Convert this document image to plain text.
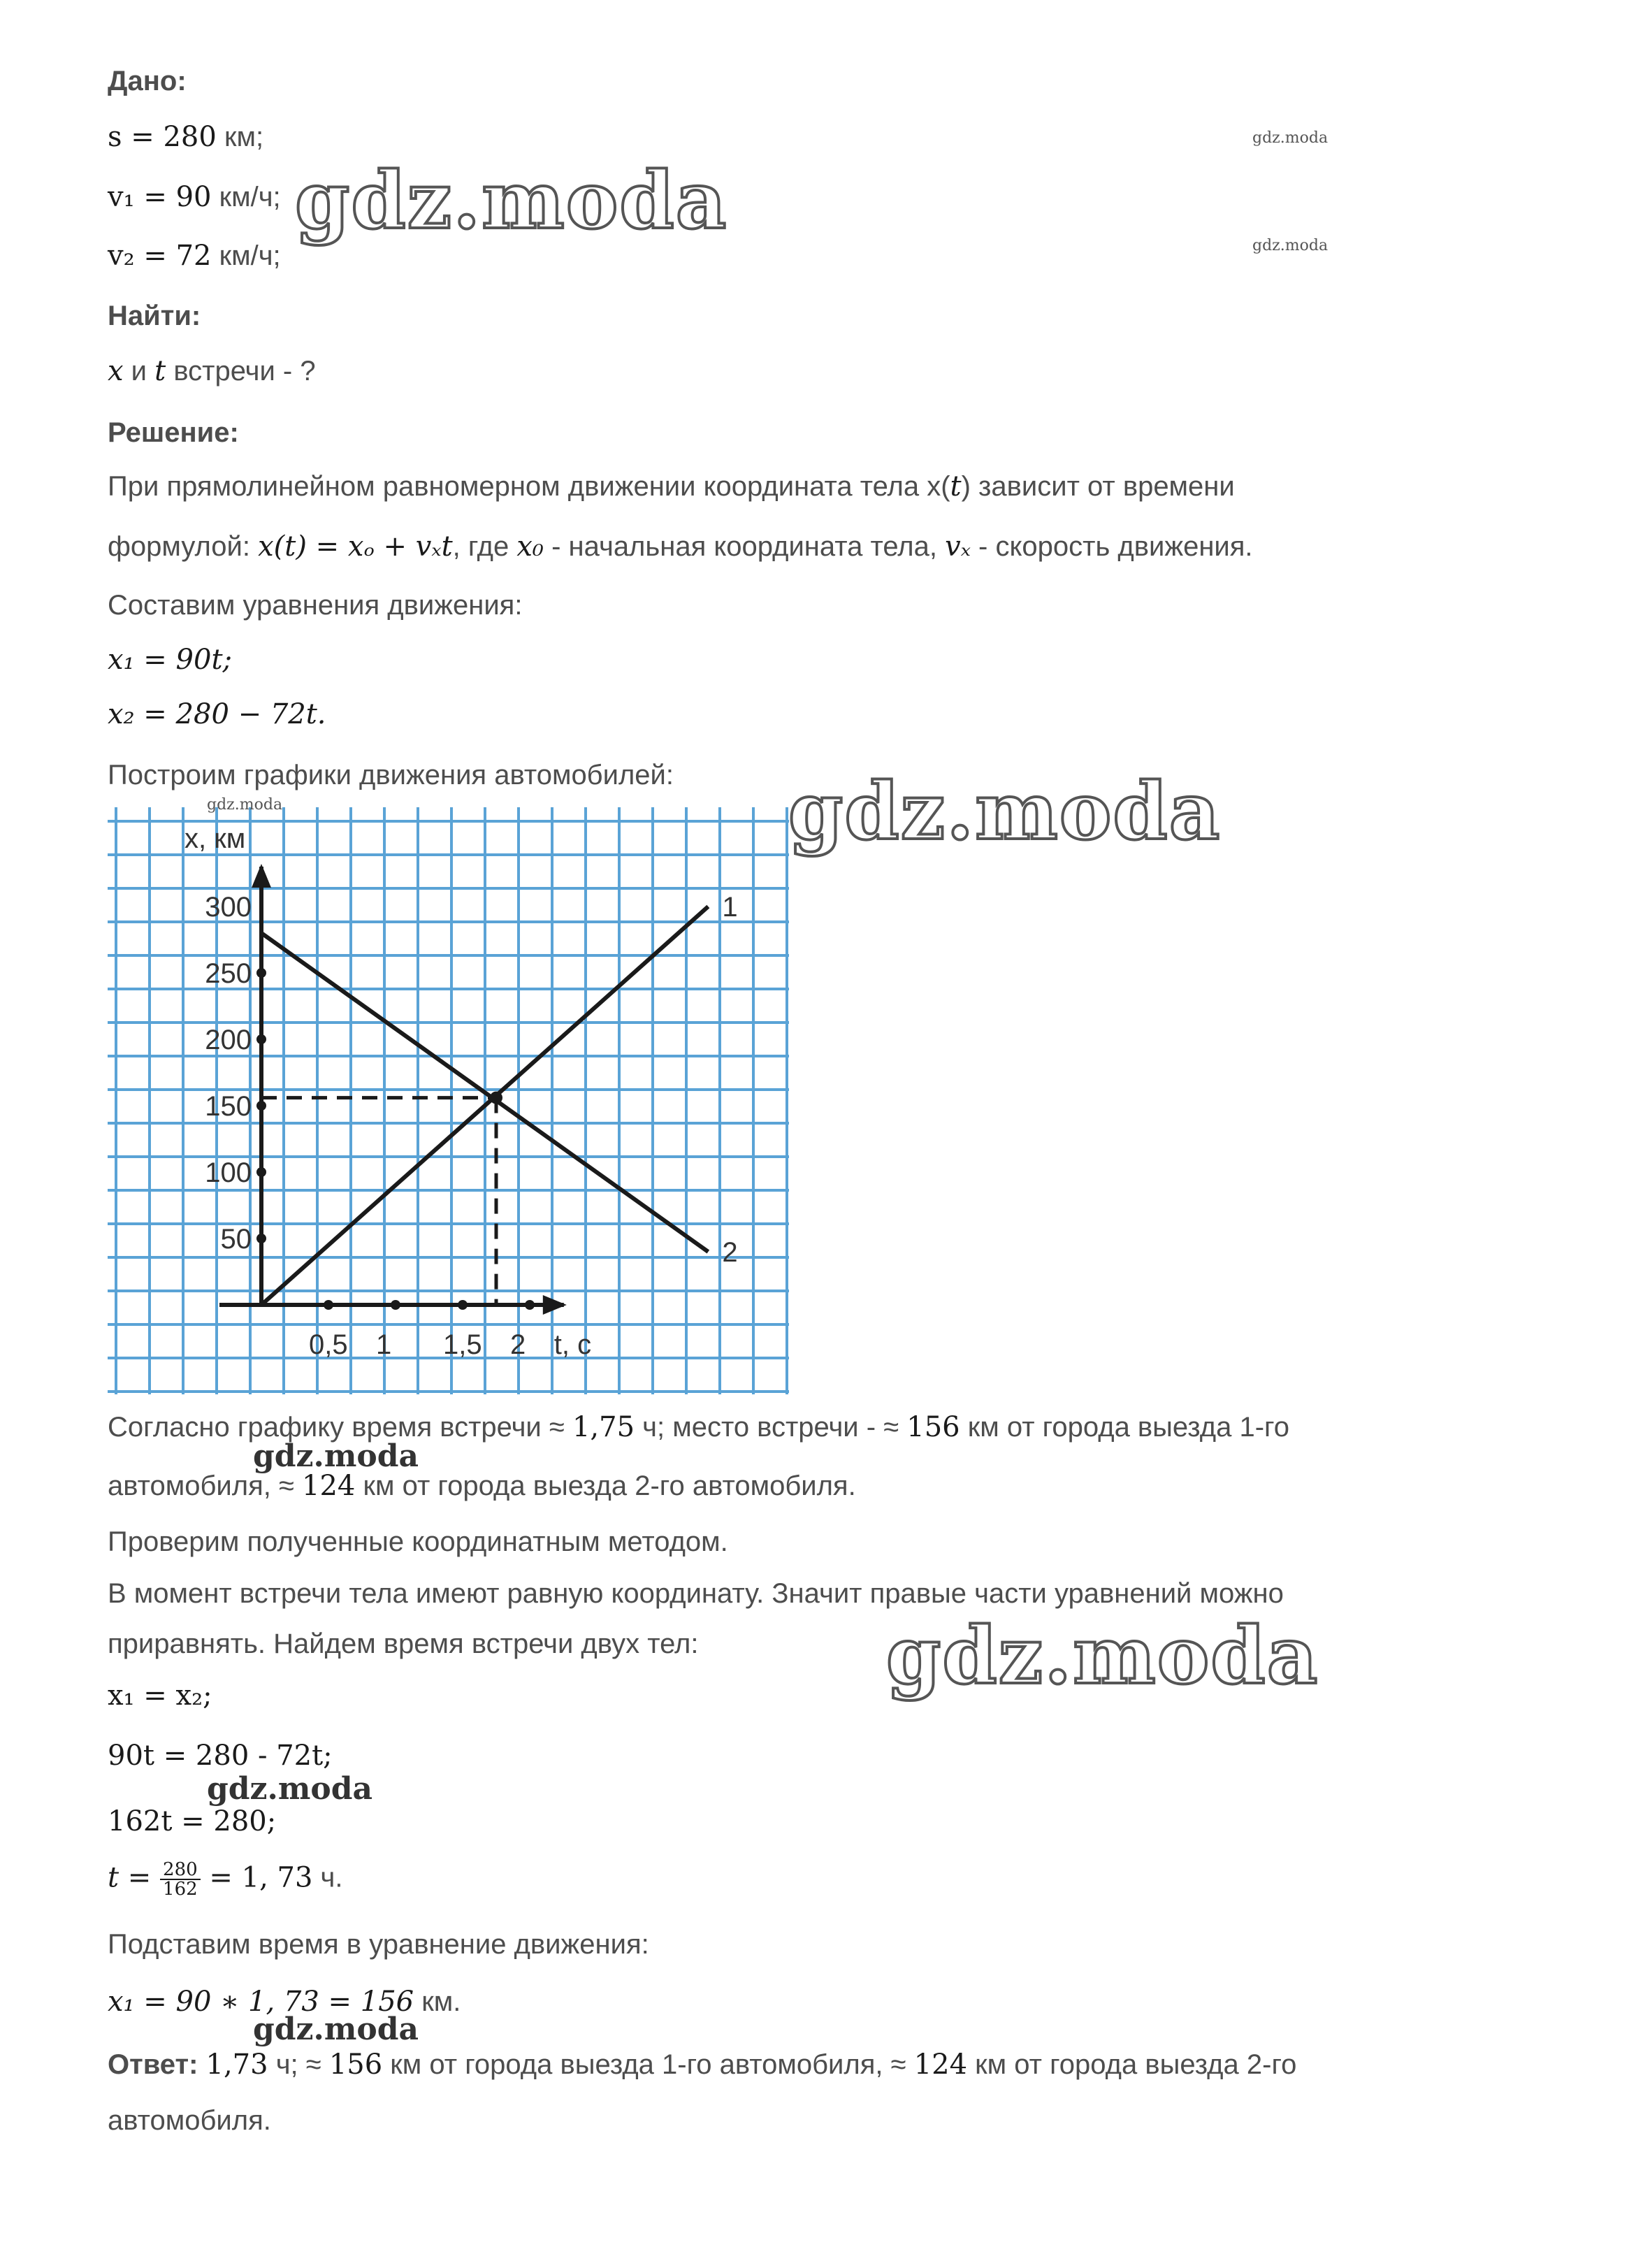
Дано:
s = 280 км;
v₁ = 90 км/ч;
v₂ = 72 км/ч;
Найти:
x и t встречи - ?
Решение:
При прямолинейном равномерном движении координата тела x(t) зависит от времени
формулой: x(t) = xₒ + vₓt, где x₀ - начальная координата тела, vₓ - скорость движения.
Составим уравнения движения:
x₁ = 90t;
x₂ = 280 − 72t.
Построим графики движения автомобилей:
0,5 1 1,5 2
50
100
150
200
250
300	1
2
x, км
t, c
Согласно графику время встречи ≈ 1,75 ч; место встречи - ≈ 156 км от города выезда 1-го
автомобиля, ≈ 124 км от города выезда 2-го автомобиля.
Проверим полученные координатным методом.
В момент встречи тела имеют равную координату. Значит правые части уравнений можно
приравнять. Найдем время встречи двух тел:
x₁ = x₂;
90t = 280 - 72t;
162t = 280;
$t = \frac{280}{162} = 1$, 73 ч.
Подставим время в уравнение движения:
x₁ = 90 ∗ 1, 73 = 156 км.
Ответ: 1,73 ч; ≈ 156 км от города выезда 1-го автомобиля, ≈ 124 км от города выезда 2-го
автомобиля.
gdz.moda
gdz.moda
gdz.moda
gdz.moda
gdz.moda
gdz.moda
gdz.moda
gdz.moda
gdz.moda
